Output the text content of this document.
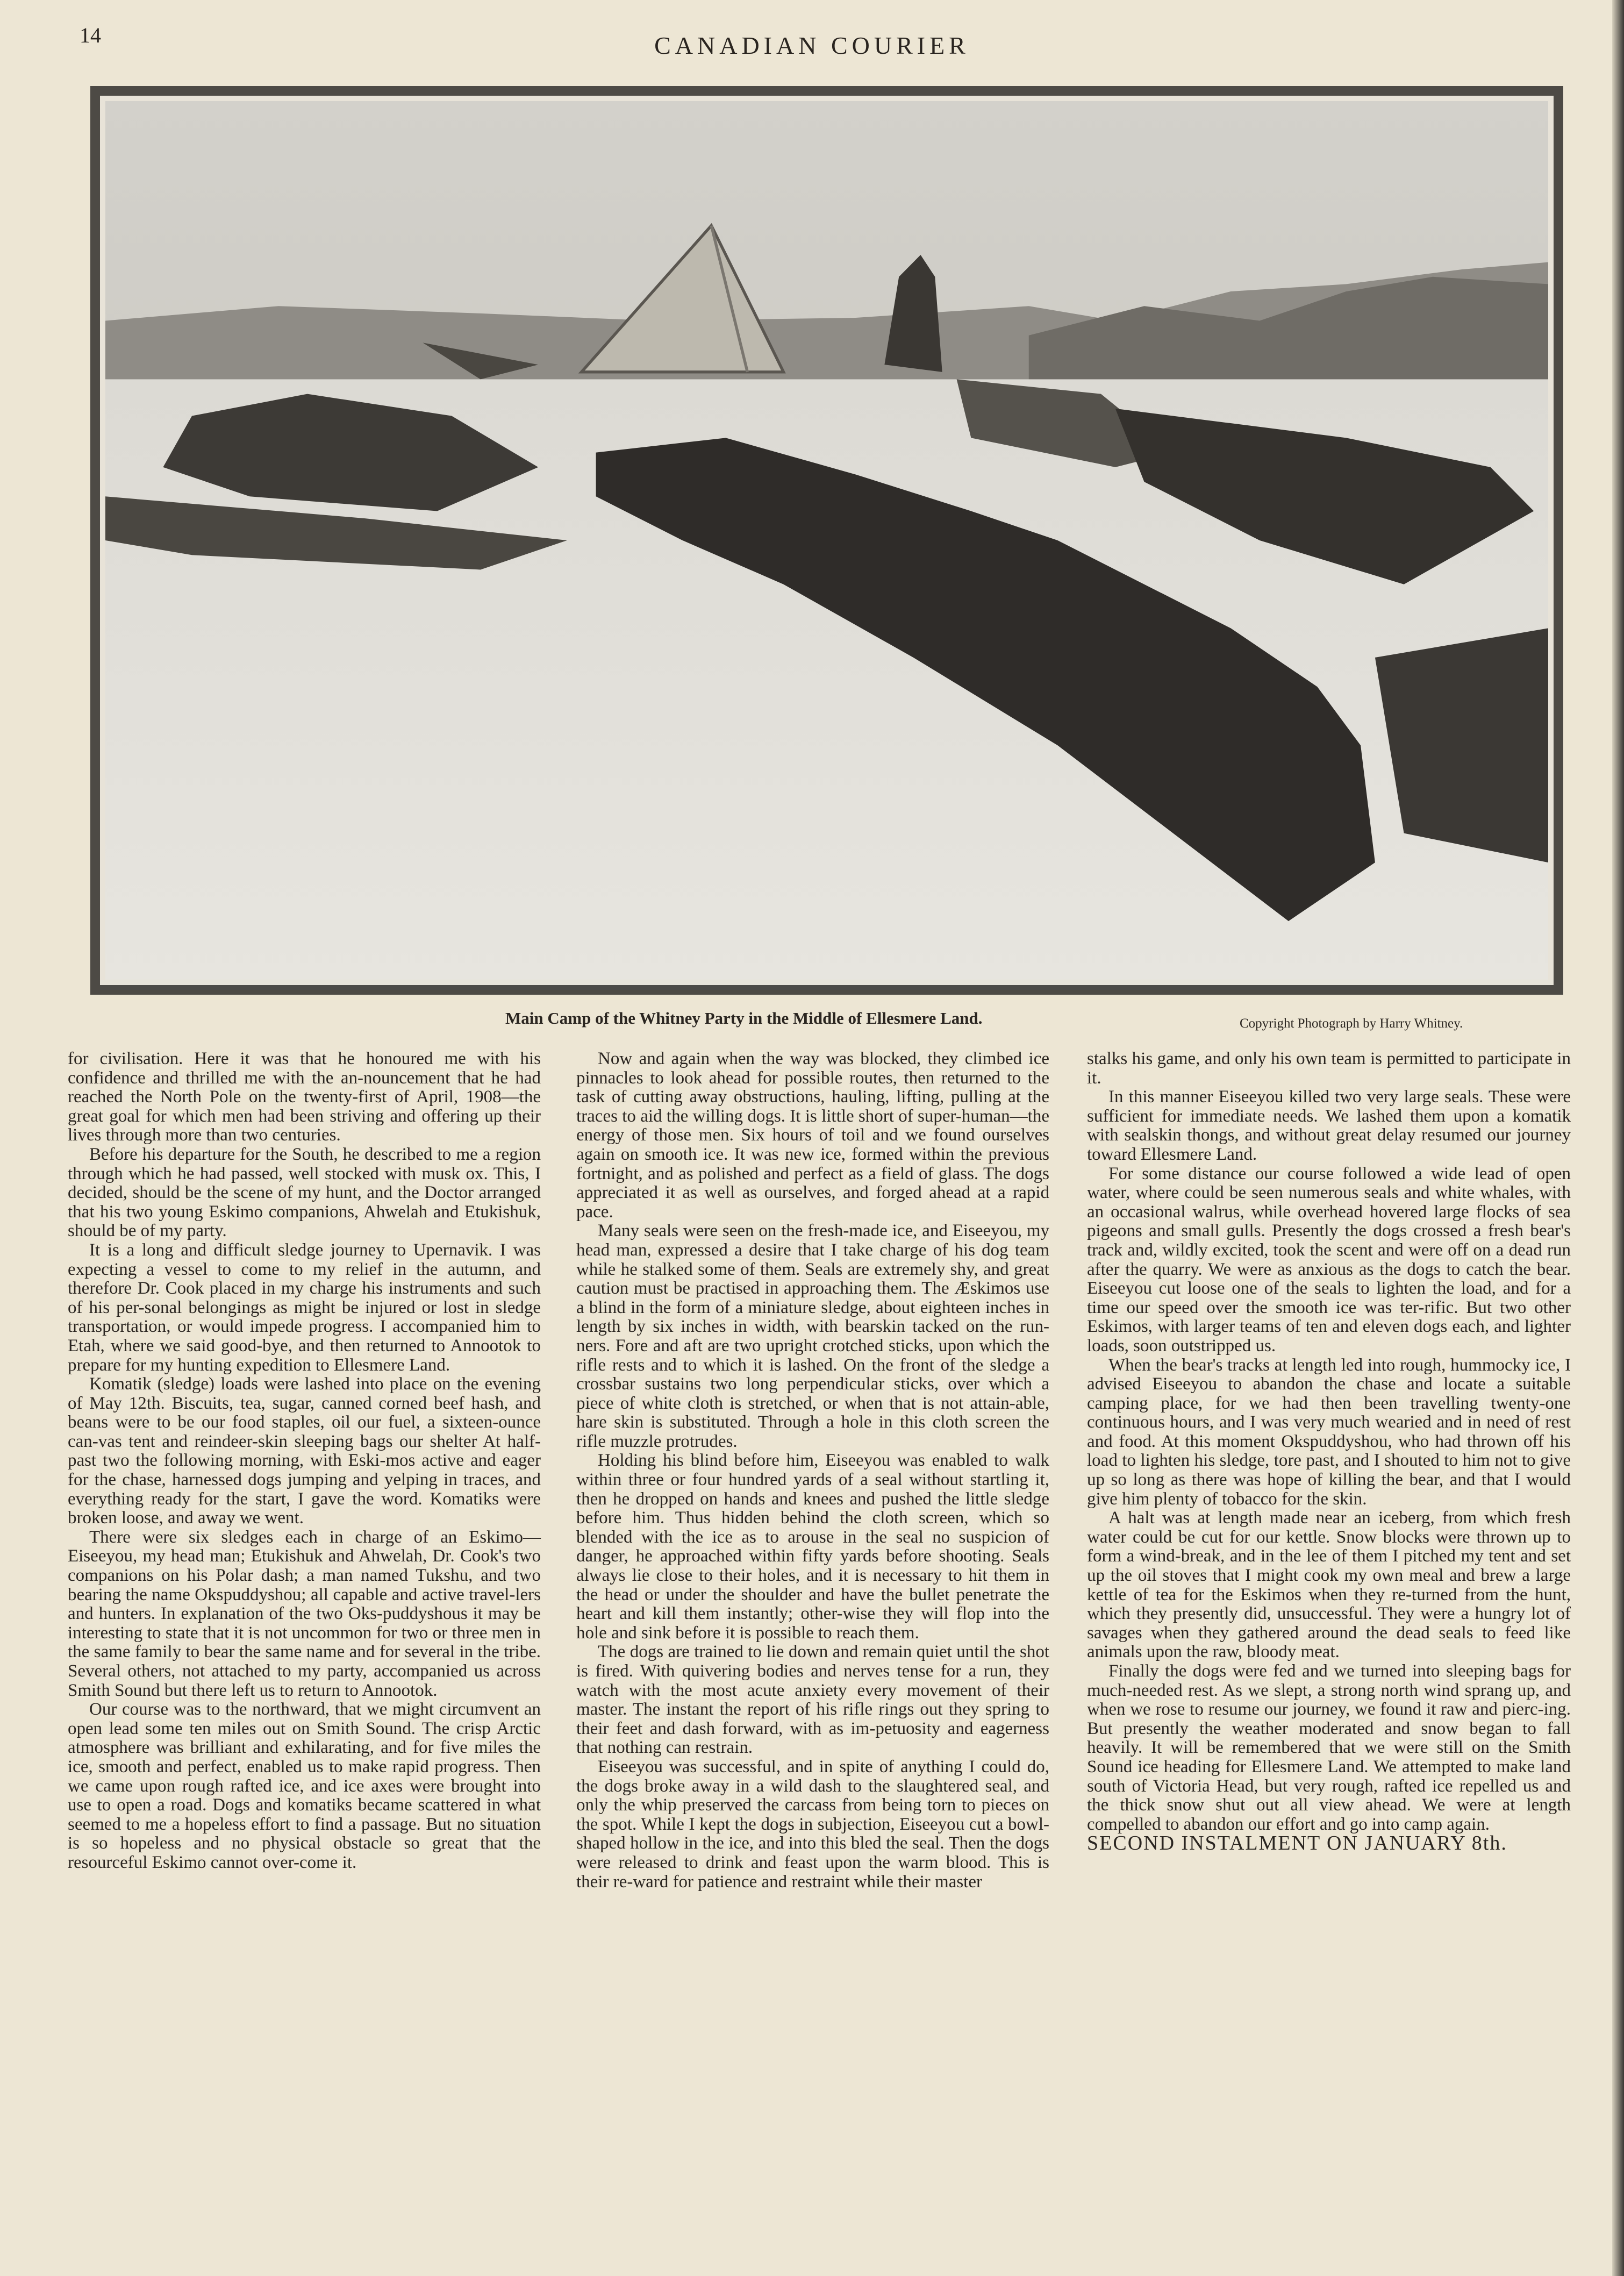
14	CANADIAN COURIER
Main Camp of the Whitney Party in the Middle of Ellesmere Land.	Copyright Photograph by Harry Whitney.

for civilisation. Here it was that he honoured me with his confidence and thrilled me with the an-nouncement that he had reached the North Pole on the twenty-first of April, 1908—the great goal for which men had been striving and offering up their lives through more than two centuries.

Before his departure for the South, he described to me a region through which he had passed, well stocked with musk ox. This, I decided, should be the scene of my hunt, and the Doctor arranged that his two young Eskimo companions, Ahwelah and Etukishuk, should be of my party.

It is a long and difficult sledge journey to Upernavik. I was expecting a vessel to come to my relief in the autumn, and therefore Dr. Cook placed in my charge his instruments and such of his per-sonal belongings as might be injured or lost in sledge transportation, or would impede progress. I accompanied him to Etah, where we said good-bye, and then returned to Annootok to prepare for my hunting expedition to Ellesmere Land.

Komatik (sledge) loads were lashed into place on the evening of May 12th. Biscuits, tea, sugar, canned corned beef hash, and beans were to be our food staples, oil our fuel, a sixteen-ounce can-vas tent and reindeer-skin sleeping bags our shelter At half-past two the following morning, with Eski-mos active and eager for the chase, harnessed dogs jumping and yelping in traces, and everything ready for the start, I gave the word. Komatiks were broken loose, and away we went.

There were six sledges each in charge of an Eskimo—Eiseeyou, my head man; Etukishuk and Ahwelah, Dr. Cook's two companions on his Polar dash; a man named Tukshu, and two bearing the name Okspuddyshou; all capable and active travel-lers and hunters. In explanation of the two Oks-puddyshous it may be interesting to state that it is not uncommon for two or three men in the same family to bear the same name and for several in the tribe. Several others, not attached to my party, accompanied us across Smith Sound but there left us to return to Annootok.

Our course was to the northward, that we might circumvent an open lead some ten miles out on Smith Sound. The crisp Arctic atmosphere was brilliant and exhilarating, and for five miles the ice, smooth and perfect, enabled us to make rapid progress. Then we came upon rough rafted ice, and ice axes were brought into use to open a road. Dogs and komatiks became scattered in what seemed to me a hopeless effort to find a passage. But no situation is so hopeless and no physical obstacle so great that the resourceful Eskimo cannot over-come it.

Now and again when the way was blocked, they climbed ice pinnacles to look ahead for possible routes, then returned to the task of cutting away obstructions, hauling, lifting, pulling at the traces to aid the willing dogs. It is little short of super-human—the energy of those men. Six hours of toil and we found ourselves again on smooth ice. It was new ice, formed within the previous fortnight, and as polished and perfect as a field of glass. The dogs appreciated it as well as ourselves, and forged ahead at a rapid pace.

Many seals were seen on the fresh-made ice, and Eiseeyou, my head man, expressed a desire that I take charge of his dog team while he stalked some of them. Seals are extremely shy, and great caution must be practised in approaching them. The Æskimos use a blind in the form of a miniature sledge, about eighteen inches in length by six inches in width, with bearskin tacked on the run-ners. Fore and aft are two upright crotched sticks, upon which the rifle rests and to which it is lashed. On the front of the sledge a crossbar sustains two long perpendicular sticks, over which a piece of white cloth is stretched, or when that is not attain-able, hare skin is substituted. Through a hole in this cloth screen the rifle muzzle protrudes.

Holding his blind before him, Eiseeyou was enabled to walk within three or four hundred yards of a seal without startling it, then he dropped on hands and knees and pushed the little sledge before him. Thus hidden behind the cloth screen, which so blended with the ice as to arouse in the seal no suspicion of danger, he approached within fifty yards before shooting. Seals always lie close to their holes, and it is necessary to hit them in the head or under the shoulder and have the bullet penetrate the heart and kill them instantly; other-wise they will flop into the hole and sink before it is possible to reach them.

The dogs are trained to lie down and remain quiet until the shot is fired. With quivering bodies and nerves tense for a run, they watch with the most acute anxiety every movement of their master. The instant the report of his rifle rings out they spring to their feet and dash forward, with as im-petuosity and eagerness that nothing can restrain.

Eiseeyou was successful, and in spite of anything I could do, the dogs broke away in a wild dash to the slaughtered seal, and only the whip preserved the carcass from being torn to pieces on the spot. While I kept the dogs in subjection, Eiseeyou cut a bowl-shaped hollow in the ice, and into this bled the seal. Then the dogs were released to drink and feast upon the warm blood. This is their re-ward for patience and restraint while their master

stalks his game, and only his own team is permitted to participate in it.

In this manner Eiseeyou killed two very large seals. These were sufficient for immediate needs. We lashed them upon a komatik with sealskin thongs, and without great delay resumed our journey toward Ellesmere Land.

For some distance our course followed a wide lead of open water, where could be seen numerous seals and white whales, with an occasional walrus, while overhead hovered large flocks of sea pigeons and small gulls. Presently the dogs crossed a fresh bear's track and, wildly excited, took the scent and were off on a dead run after the quarry. We were as anxious as the dogs to catch the bear. Eiseeyou cut loose one of the seals to lighten the load, and for a time our speed over the smooth ice was ter-rific. But two other Eskimos, with larger teams of ten and eleven dogs each, and lighter loads, soon outstripped us.

When the bear's tracks at length led into rough, hummocky ice, I advised Eiseeyou to abandon the chase and locate a suitable camping place, for we had then been travelling twenty-one continuous hours, and I was very much wearied and in need of rest and food. At this moment Okspuddyshou, who had thrown off his load to lighten his sledge, tore past, and I shouted to him not to give up so long as there was hope of killing the bear, and that I would give him plenty of tobacco for the skin.

A halt was at length made near an iceberg, from which fresh water could be cut for our kettle. Snow blocks were thrown up to form a wind-break, and in the lee of them I pitched my tent and set up the oil stoves that I might cook my own meal and brew a large kettle of tea for the Eskimos when they re-turned from the hunt, which they presently did, unsuccessful. They were a hungry lot of savages when they gathered around the dead seals to feed like animals upon the raw, bloody meat.

Finally the dogs were fed and we turned into sleeping bags for much-needed rest. As we slept, a strong north wind sprang up, and when we rose to resume our journey, we found it raw and pierc-ing. But presently the weather moderated and snow began to fall heavily. It will be remembered that we were still on the Smith Sound ice heading for Ellesmere Land. We attempted to make land south of Victoria Head, but very rough, rafted ice repelled us and the thick snow shut out all view ahead. We were at length compelled to abandon our effort and go into camp again.

SECOND INSTALMENT ON JANUARY 8th.
